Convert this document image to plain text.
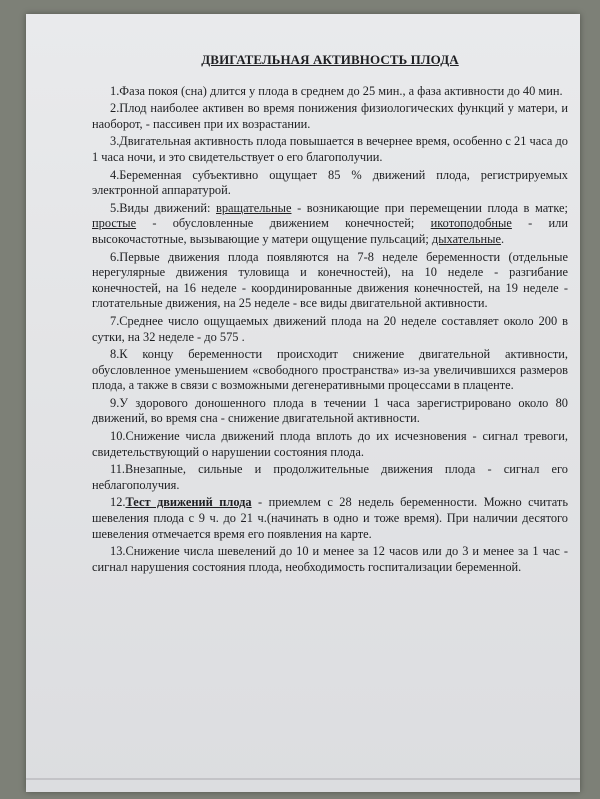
ДВИГАТЕЛЬНАЯ АКТИВНОСТЬ ПЛОДА

1.Фаза покоя (сна) длится у плода в среднем до 25 мин., а фаза активности до 40 мин.

2.Плод наиболее активен во время понижения физиологических функций у матери, и наоборот, - пассивен при их возрастании.

3.Двигательная активность плода повышается в вечернее время, особенно с 21 часа до 1 часа ночи, и это свидетельствует о его благополучии.

4.Беременная субъективно ощущает 85 % движений плода, регистрируемых электронной аппаратурой.

5.Виды движений: вращательные - возникающие при перемещении плода в матке; простые - обусловленные движением конечностей; икотоподобные - или высокочастотные, вызывающие у матери ощущение пульсаций; дыхательные.

6.Первые движения плода появляются на 7-8 неделе беременности (отдельные нерегулярные движения туловища и конечностей), на 10 неделе - разгибание конечностей, на 16 неделе - координированные движения конечностей, на 19 неделе - глотательные движения, на 25 неделе - все виды двигательной активности.

7.Среднее число ощущаемых движений плода на 20 неделе составляет около 200 в сутки, на 32 неделе - до 575 .

8.К концу беременности происходит снижение двигательной активности, обусловленное уменьшением «свободного пространства» из-за увеличившихся размеров плода, а также в связи с возможными дегенеративными процессами в плаценте.

9.У здорового доношенного плода в течении 1 часа зарегистрировано около 80 движений, во время сна - снижение двигательной активности.

10.Снижение числа движений плода вплоть до их исчезновения - сигнал тревоги, свидетельствующий о нарушении состояния плода.

11.Внезапные, сильные и продолжительные движения плода - сигнал его неблагополучия.

12.Тест движений плода - приемлем с 28 недель беременности. Можно считать шевеления плода с 9 ч. до 21 ч.(начинать в одно и тоже время). При наличии десятого шевеления отмечается время его появления на карте.

13.Снижение числа шевелений до 10 и менее за 12 часов или до 3 и менее за 1 час - сигнал нарушения состояния плода, необходимость госпитализации беременной.
